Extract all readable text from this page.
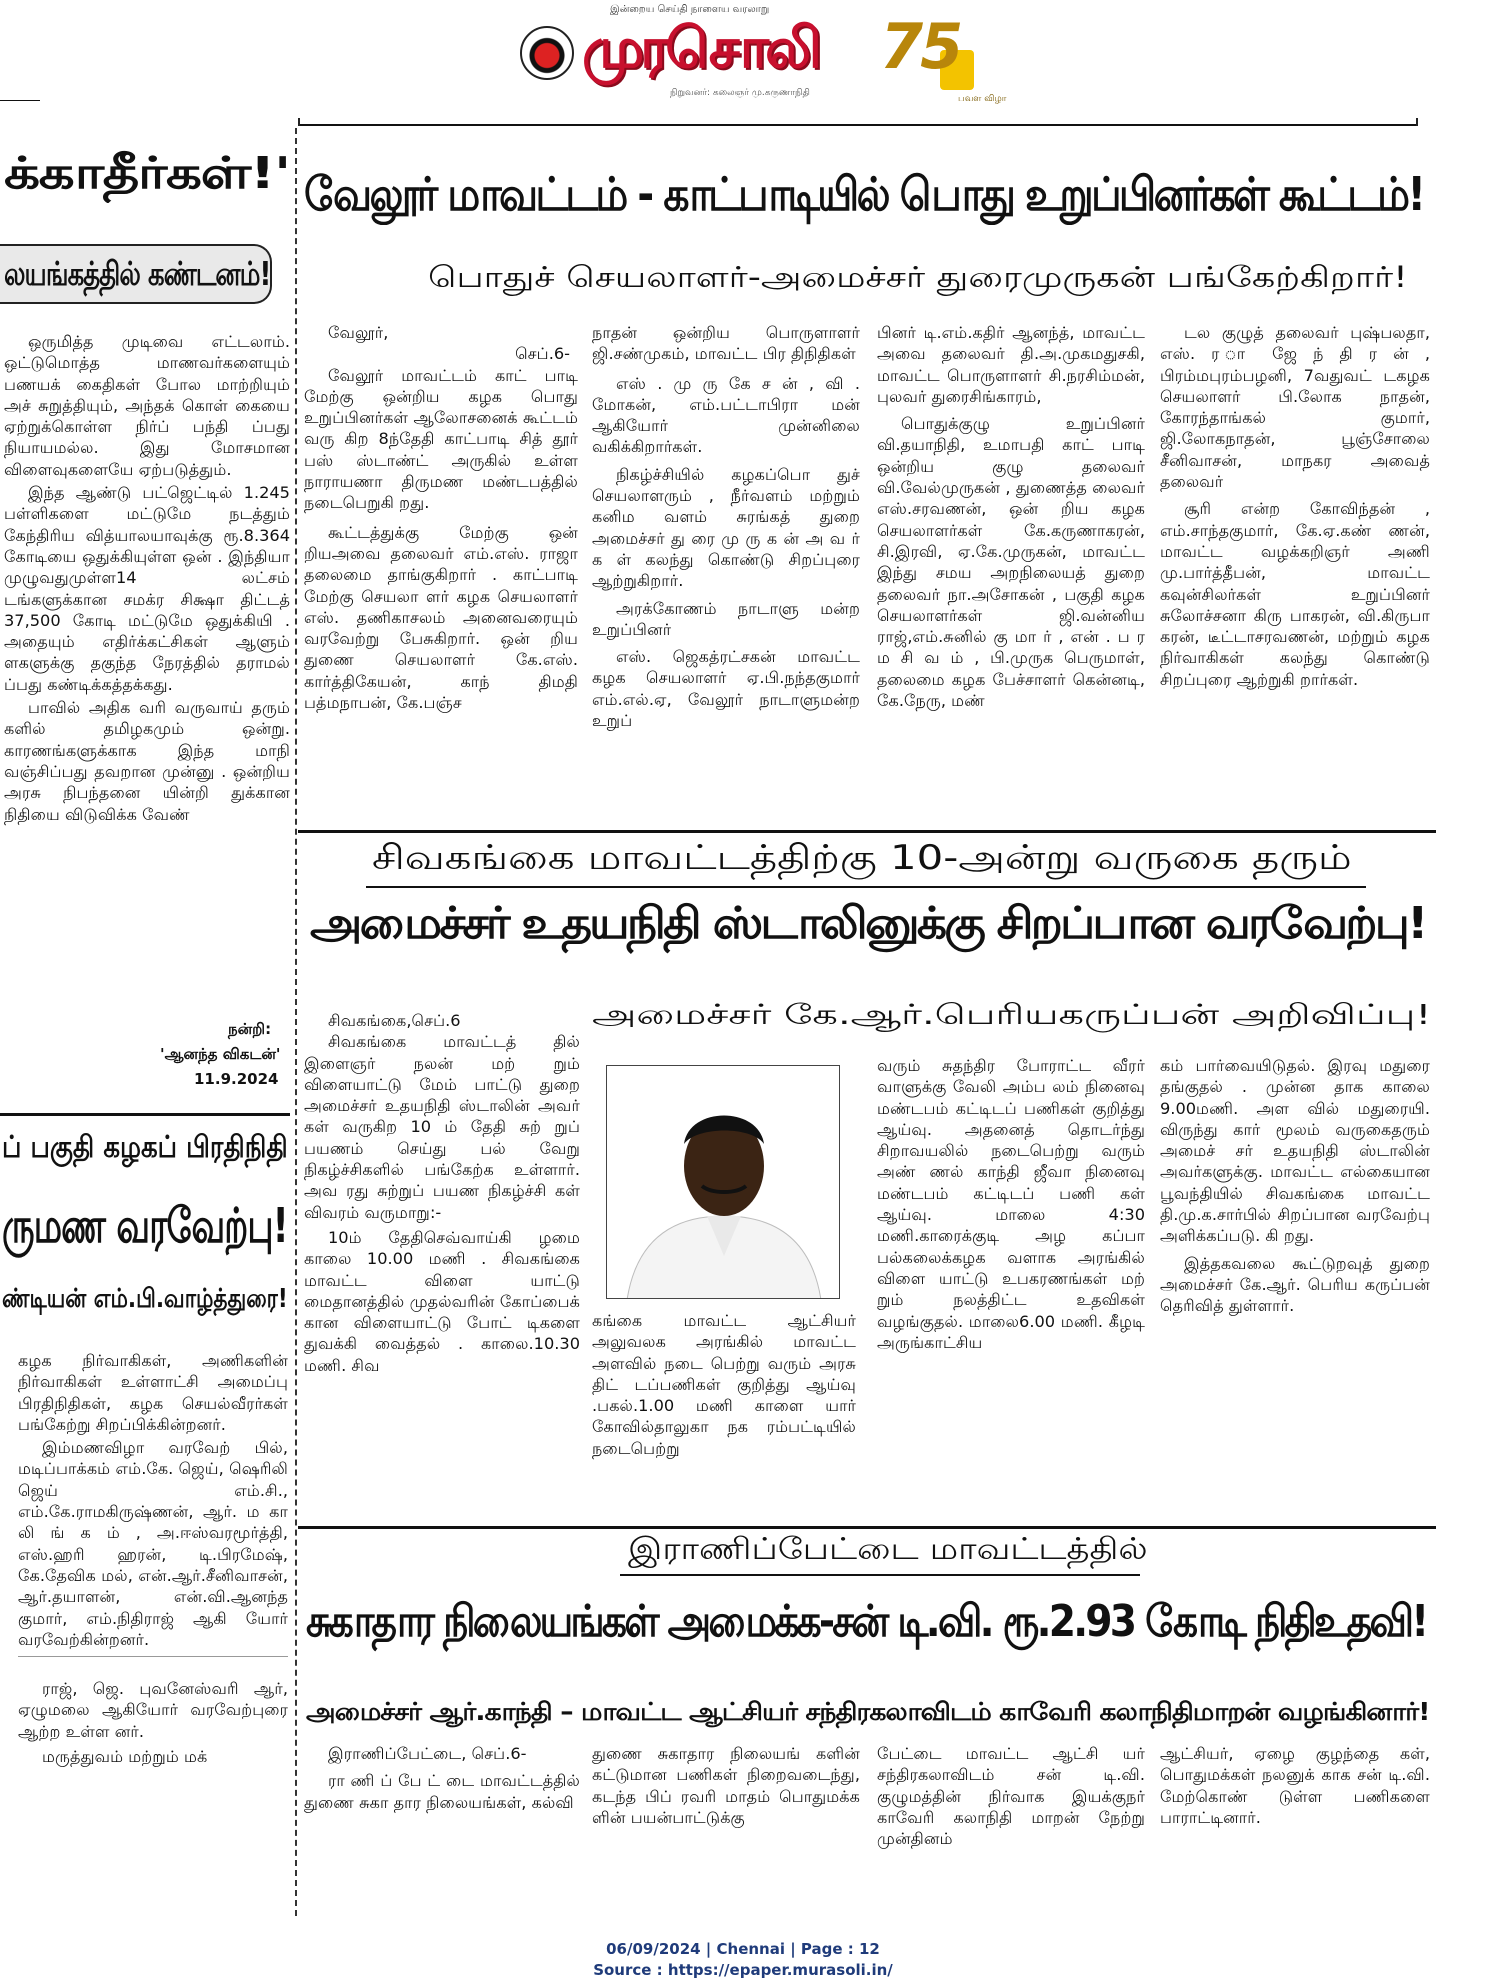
இன்றைய செய்தி நாளைய வரலாறு
முரசொலி
நிறுவனர்: கலைஞர் மு.கருணாநிதி
75
பவள விழா
க்காதீர்கள்!'
லயங்கத்தில் கண்டனம்!

ஒருமித்த முடிவை எட்டலாம். ஒட்டுமொத்த மாணவர்களையும் பணயக் கைதிகள் போல மாற்றியும் அச் சுறுத்தியும், அந்தக் கொள் கையை ஏற்றுக்கொள்ள நிர்ப் பந்தி ப்பது நியாயமல்ல. இது மோசமான விளைவுகளையே ஏற்படுத்தும்.

இந்த ஆண்டு பட்ஜெட்டில் 1.245 பள்ளிகளை மட்டுமே நடத்தும் கேந்திரிய வித்யாலயாவுக்கு ரூ.8.364 கோடியை ஒதுக்கியுள்ள ஒன் . இந்தியா முழுவதுமுள்ள14 லட்சம் டங்களுக்கான சமக்ர சிக்ஷா திட்டத் 37,500 கோடி மட்டுமே ஒதுக்கியி . அதையும் எதிர்க்கட்சிகள் ஆளும் ளகளுக்கு தகுந்த நேரத்தில் தராமல் ப்பது கண்டிக்கத்தக்கது.

பாவில் அதிக வரி வருவாய் தரும் களில் தமிழகமும் ஒன்று. காரணங்களுக்காக இந்த மாநி வஞ்சிப்பது தவறான முன்னு . ஒன்றிய அரசு நிபந்தனை யின்றி துக்கான நிதியை விடுவிக்க வேண்

நன்றி:
'ஆனந்த விகடன்'
11.9.2024
ப் பகுதி கழகப் பிரதிநிதி
ருமண வரவேற்பு!
ண்டியன் எம்.பி.வாழ்த்துரை!

கழக நிர்வாகிகள், அணிகளின் நிர்வாகிகள் உள்ளாட்சி அமைப்பு பிரதிநிதிகள், கழக செயல்வீரர்கள் பங்கேற்று சிறப்பிக்கின்றனர்.

இம்மணவிழா வரவேற் பில், மடிப்பாக்கம் எம்.கே. ஜெய், ஷெரிலி ஜெய் எம்.சி., எம்.கே.ராமகிருஷ்ணன், ஆர். ம கா லி ங் க ம் , அ.ஈஸ்வரமூர்த்தி, எஸ்.ஹரி ஹரன், டி.பிரமேஷ், கே.தேவிக மல், என்.ஆர்.சீனிவாசன், ஆர்.தயாளன், என்.வி.ஆனந்த குமார், எம்.நிதிராஜ் ஆகி யோர் வரவேற்கின்றனர்.

ராஜ், ஜெ. புவனேஸ்வரி ஆர், ஏழுமலை ஆகியோர் வரவேற்புரை ஆற்ற உள்ள னர்.

மருத்துவம் மற்றும் மக்

வேலூர் மாவட்டம் - காட்பாடியில் பொது உறுப்பினர்கள் கூட்டம்!
பொதுச் செயலாளர்-அமைச்சர் துரைமுருகன் பங்கேற்கிறார்!

வேலூர்,

செப்.6-

வேலூர் மாவட்டம் காட் பாடி மேற்கு ஒன்றிய கழக பொது உறுப்பினர்கள் ஆலோசனைக் கூட்டம் வரு கிற 8ந்தேதி காட்பாடி சித் தூர் பஸ் ஸ்டாண்ட் அருகில் உள்ள நாராயணா திருமண மண்டபத்தில் நடைபெறுகி றது.

கூட்டத்துக்கு மேற்கு ஒன் றியஅவை தலைவர் எம்.எஸ். ராஜா தலைமை தாங்குகிறார் . காட்பாடி மேற்கு செயலா ளர் கழக செயலாளர் எஸ். தணிகாசலம் அனைவரையும் வரவேற்று பேசுகிறார். ஒன் றிய துணை செயலாளர் கே.எஸ். கார்த்திகேயன், காந் திமதி பத்மநாபன், கே.பஞ்ச

நாதன் ஒன்றிய பொருளாளர் ஜி.சண்முகம், மாவட்ட பிர திநிதிகள்

எஸ் . மு ரு கே ச ன் , வி . மோகன், எம்.பட்டாபிரா மன் ஆகியோர் முன்னிலை வகிக்கிறார்கள்.

நிகழ்ச்சியில் கழகப்பொ துச் செயலாளரும் , நீர்வளம் மற்றும் கனிம வளம் சுரங்கத் துறை அமைச்சர் து ரை மு ரு க ன் அ வ ர் க ள் கலந்து கொண்டு சிறப்புரை ஆற்றுகிறார்.

அரக்கோணம் நாடாளு மன்ற உறுப்பினர்

எஸ். ஜெகத்ரட்சகன் மாவட்ட கழக செயலாளர் ஏ.பி.நந்தகுமார் எம்.எல்.ஏ, வேலூர் நாடாளுமன்ற உறுப்

பினர் டி.எம்.கதிர் ஆனந்த், மாவட்ட அவை தலைவர் தி.அ.முகமதுசகி, மாவட்ட பொருளாளர் சி.நரசிம்மன், புலவர் துரைசிங்காரம்,

பொதுக்குழு உறுப்பினர் வி.தயாநிதி, உமாபதி காட் பாடி ஒன்றிய குழு தலைவர் வி.வேல்முருகன் , துணைத்த லைவர் எஸ்.சரவணன், ஒன் றிய கழக செயலாளர்கள் கே.கருணாகரன், சி.இரவி, ஏ.கே.முருகன், மாவட்ட இந்து சமய அறநிலையத் துறை தலைவர் நா.அசோகன் , பகுதி கழக செயலாளர்கள் ஜி.வன்னிய ராஜ்,எம்.சுனில் கு மா ர் , என் . ப ர ம சி வ ம் , பி.முருக பெருமாள், தலைமை கழக பேச்சாளர் கென்னடி, கே.நேரு, மண்

டல குழுத் தலைவர் புஷ்பலதா, எஸ். ர ா ஜே ந் தி ர ன் , பிரம்மபுரம்பழனி, 7வதுவட் டகழக செயலாளர் பி.லோக நாதன், கோரந்தாங்கல் குமார், ஜி.லோகநாதன், பூஞ்சோலை சீனிவாசன், மாநகர அவைத் தலைவர்

சூரி என்ற கோவிந்தன் , எம்.சாந்தகுமார், கே.ஏ.கண் ணன், மாவட்ட வழக்கறிஞர் அணி மு.பார்த்தீபன், மாவட்ட கவுன்சிலர்கள் உறுப்பினர் சுலோச்சனா கிரு பாகரன், வி.கிருபா கரன், டீட்டாசரவணன், மற்றும் கழக நிர்வாகிகள் கலந்து கொண்டு சிறப்புரை ஆற்றுகி றார்கள்.

சிவகங்கை மாவட்டத்திற்கு 10-அன்று வருகை தரும்
அமைச்சர் உதயநிதி ஸ்டாலினுக்கு சிறப்பான வரவேற்பு!
அமைச்சர் கே.ஆர்.பெரியகருப்பன் அறிவிப்பு!

சிவகங்கை,செப்.6

சிவகங்கை மாவட்டத் தில் இளைஞர் நலன் மற் றும் விளையாட்டு மேம் பாட்டு துறை அமைச்சர் உதயநிதி ஸ்டாலின் அவர் கள் வருகிற 10 ம் தேதி சுற் றுப் பயணம் செய்து பல் வேறு நிகழ்ச்சிகளில் பங்கேற்க உள்ளார். அவ ரது சுற்றுப் பயண நிகழ்ச்சி கள் விவரம் வருமாறு:-

10ம் தேதிசெவ்வாய்கி ழமை காலை 10.00 மணி . சிவகங்கை மாவட்ட விளை யாட்டு மைதானத்தில் முதல்வரின் கோப்பைக் கான விளையாட்டு போட் டிகளை துவக்கி வைத்தல் . காலை.10.30 மணி. சிவ

கங்கை மாவட்ட ஆட்சியர் அலுவலக அரங்கில் மாவட்ட அளவில் நடை பெற்று வரும் அரசு திட் டப்பணிகள் குறித்து ஆய்வு .பகல்.1.00 மணி காளை யார் கோவில்தாலுகா நக ரம்பட்டியில் நடைபெற்று

வரும் சுதந்திர போராட்ட வீரர் வாளுக்கு வேலி அம்ப லம் நினைவு மண்டபம் கட்டிடப் பணிகள் குறித்து ஆய்வு. அதனைத் தொடர்ந்து சிறாவயலில் நடைபெற்று வரும் அண் ணல் காந்தி ஜீவா நினைவு மண்டபம் கட்டிடப் பணி கள் ஆய்வு. மாலை 4:30 மணி.காரைக்குடி அழ கப்பா பல்கலைக்கழக வளாக அரங்கில் விளை யாட்டு உபகரணங்கள் மற் றும் நலத்திட்ட உதவிகள் வழங்குதல். மாலை6.00 மணி. கீழடி அருங்காட்சிய

கம் பார்வையிடுதல். இரவு மதுரை தங்குதல் . முன்ன தாக காலை 9.00மணி. அள வில் மதுரையி. விருந்து கார் மூலம் வருகைதரும் அமைச் சர் உதயநிதி ஸ்டாலின் அவர்களுக்கு. மாவட்ட எல்கையான பூவந்தியில் சிவகங்கை மாவட்ட தி.மு.க.சார்பில் சிறப்பான வரவேற்பு அளிக்கப்படு. கி றது.

இத்தகவலை கூட்டுறவுத் துறை அமைச்சர் கே.ஆர். பெரிய கருப்பன் தெரிவித் துள்ளார்.

இராணிப்பேட்டை மாவட்டத்தில்
சுகாதார நிலையங்கள் அமைக்க-சன் டி.வி. ரூ.2.93 கோடி நிதிஉதவி!
அமைச்சர் ஆர்.காந்தி – மாவட்ட ஆட்சியர் சந்திரகலாவிடம் காவேரி கலாநிதிமாறன் வழங்கினார்!

இராணிப்பேட்டை, செப்.6-

ரா ணி ப் பே ட் டை மாவட்டத்தில் துணை சுகா தார நிலையங்கள், கல்வி

துணை சுகாதார நிலையங் களின் கட்டுமான பணிகள் நிறைவடைந்து, கடந்த பிப் ரவரி மாதம் பொதுமக்க ளின் பயன்பாட்டுக்கு

பேட்டை மாவட்ட ஆட்சி யர் சந்திரகலாவிடம் சன் டி.வி. குழுமத்தின் நிர்வாக இயக்குநர் காவேரி கலாநிதி மாறன் நேற்று முன்தினம்

ஆட்சியர், ஏழை குழந்தை கள், பொதுமக்கள் நலனுக் காக சன் டி.வி. மேற்கொண் டுள்ள பணிகளை பாராட்டினார்.

06/09/2024 | Chennai | Page : 12
Source : https://epaper.murasoli.in/
